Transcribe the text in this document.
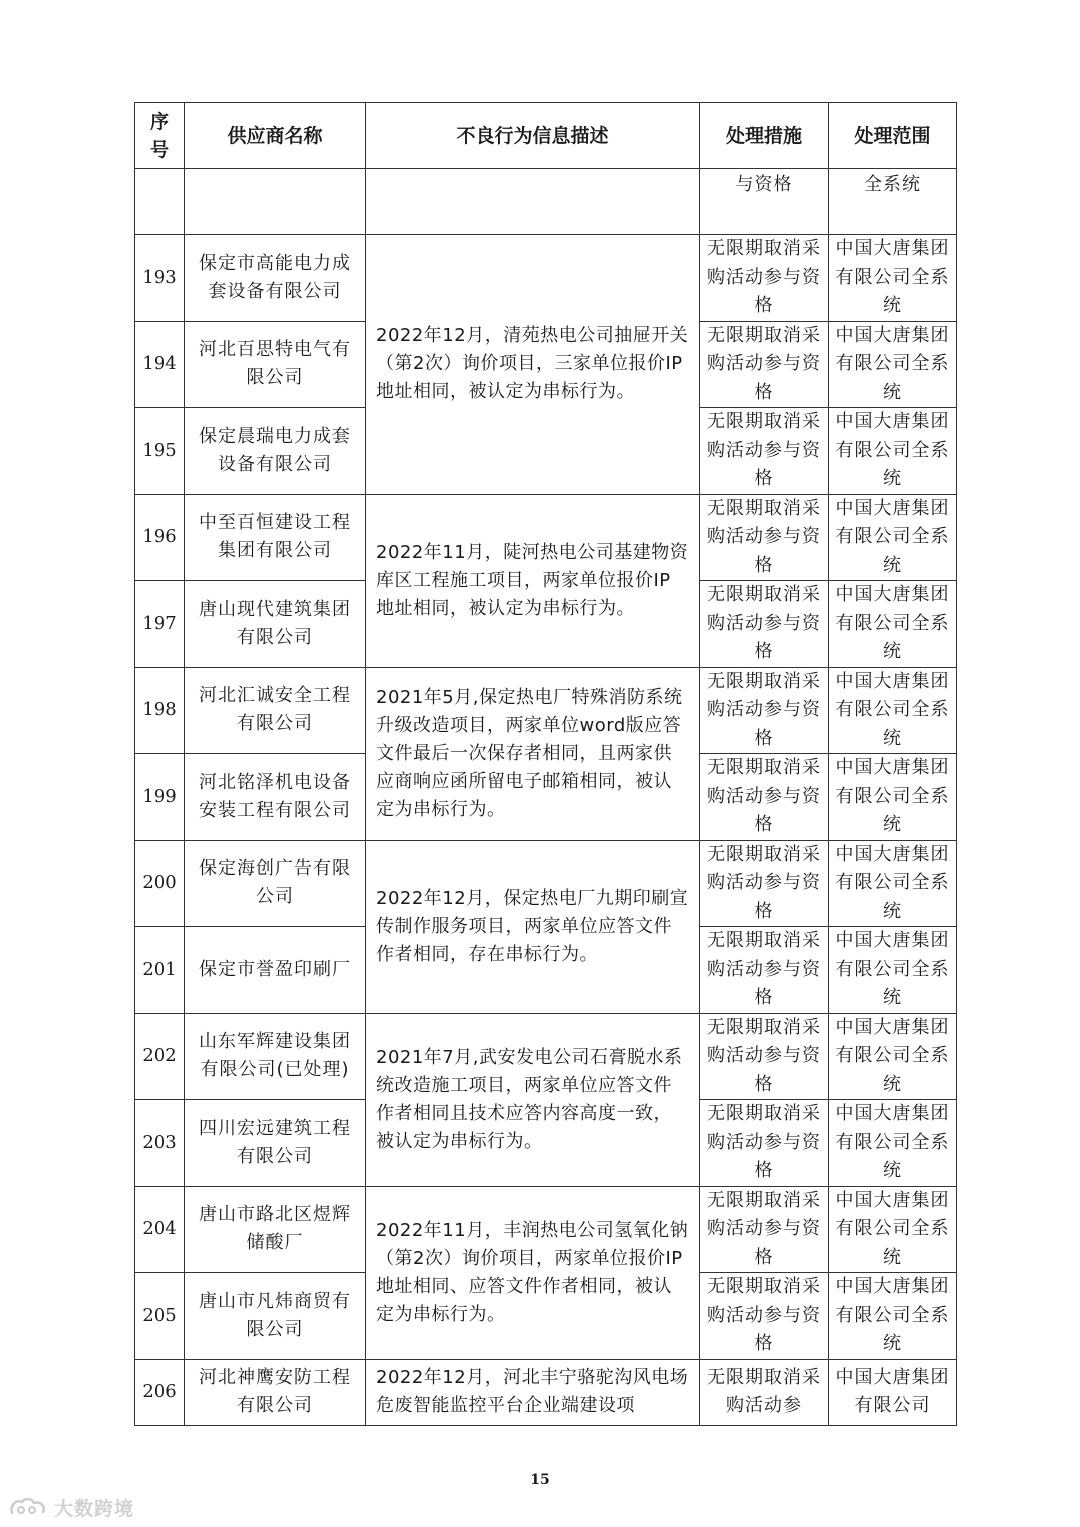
序号	供应商名称	不良行为信息描述	处理措施	处理范围
			与资格	全系统
193	保定市高能电力成套设备有限公司	2022年12月，清苑热电公司抽屉开关（第2次）询价项目，三家单位报价IP地址相同，被认定为串标行为。	无限期取消采购活动参与资格	中国大唐集团有限公司全系统
194	河北百思特电气有限公司		无限期取消采购活动参与资格	中国大唐集团有限公司全系统
195	保定晨瑞电力成套设备有限公司		无限期取消采购活动参与资格	中国大唐集团有限公司全系统
196	中至百恒建设工程集团有限公司	2022年11月，陡河热电公司基建物资库区工程施工项目，两家单位报价IP地址相同，被认定为串标行为。	无限期取消采购活动参与资格	中国大唐集团有限公司全系统
197	唐山现代建筑集团有限公司		无限期取消采购活动参与资格	中国大唐集团有限公司全系统
198	河北汇诚安全工程有限公司	2021年5月,保定热电厂特殊消防系统升级改造项目，两家单位word版应答文件最后一次保存者相同，且两家供应商响应函所留电子邮箱相同，被认定为串标行为。	无限期取消采购活动参与资格	中国大唐集团有限公司全系统
199	河北铭泽机电设备安装工程有限公司		无限期取消采购活动参与资格	中国大唐集团有限公司全系统
200	保定海创广告有限公司	2022年12月，保定热电厂九期印刷宣传制作服务项目，两家单位应答文件作者相同，存在串标行为。	无限期取消采购活动参与资格	中国大唐集团有限公司全系统
201	保定市誉盈印刷厂		无限期取消采购活动参与资格	中国大唐集团有限公司全系统
202	山东军辉建设集团有限公司(已处理)	2021年7月,武安发电公司石膏脱水系统改造施工项目，两家单位应答文件作者相同且技术应答内容高度一致，被认定为串标行为。	无限期取消采购活动参与资格	中国大唐集团有限公司全系统
203	四川宏远建筑工程有限公司		无限期取消采购活动参与资格	中国大唐集团有限公司全系统
204	唐山市路北区煜辉储酸厂	2022年11月，丰润热电公司氢氧化钠（第2次）询价项目，两家单位报价IP地址相同、应答文件作者相同，被认定为串标行为。	无限期取消采购活动参与资格	中国大唐集团有限公司全系统
205	唐山市凡炜商贸有限公司		无限期取消采购活动参与资格	中国大唐集团有限公司全系统
206	河北神鹰安防工程有限公司	2022年12月，河北丰宁骆驼沟风电场危废智能监控平台企业端建设项	无限期取消采购活动参	中国大唐集团有限公司
15
大数跨境
